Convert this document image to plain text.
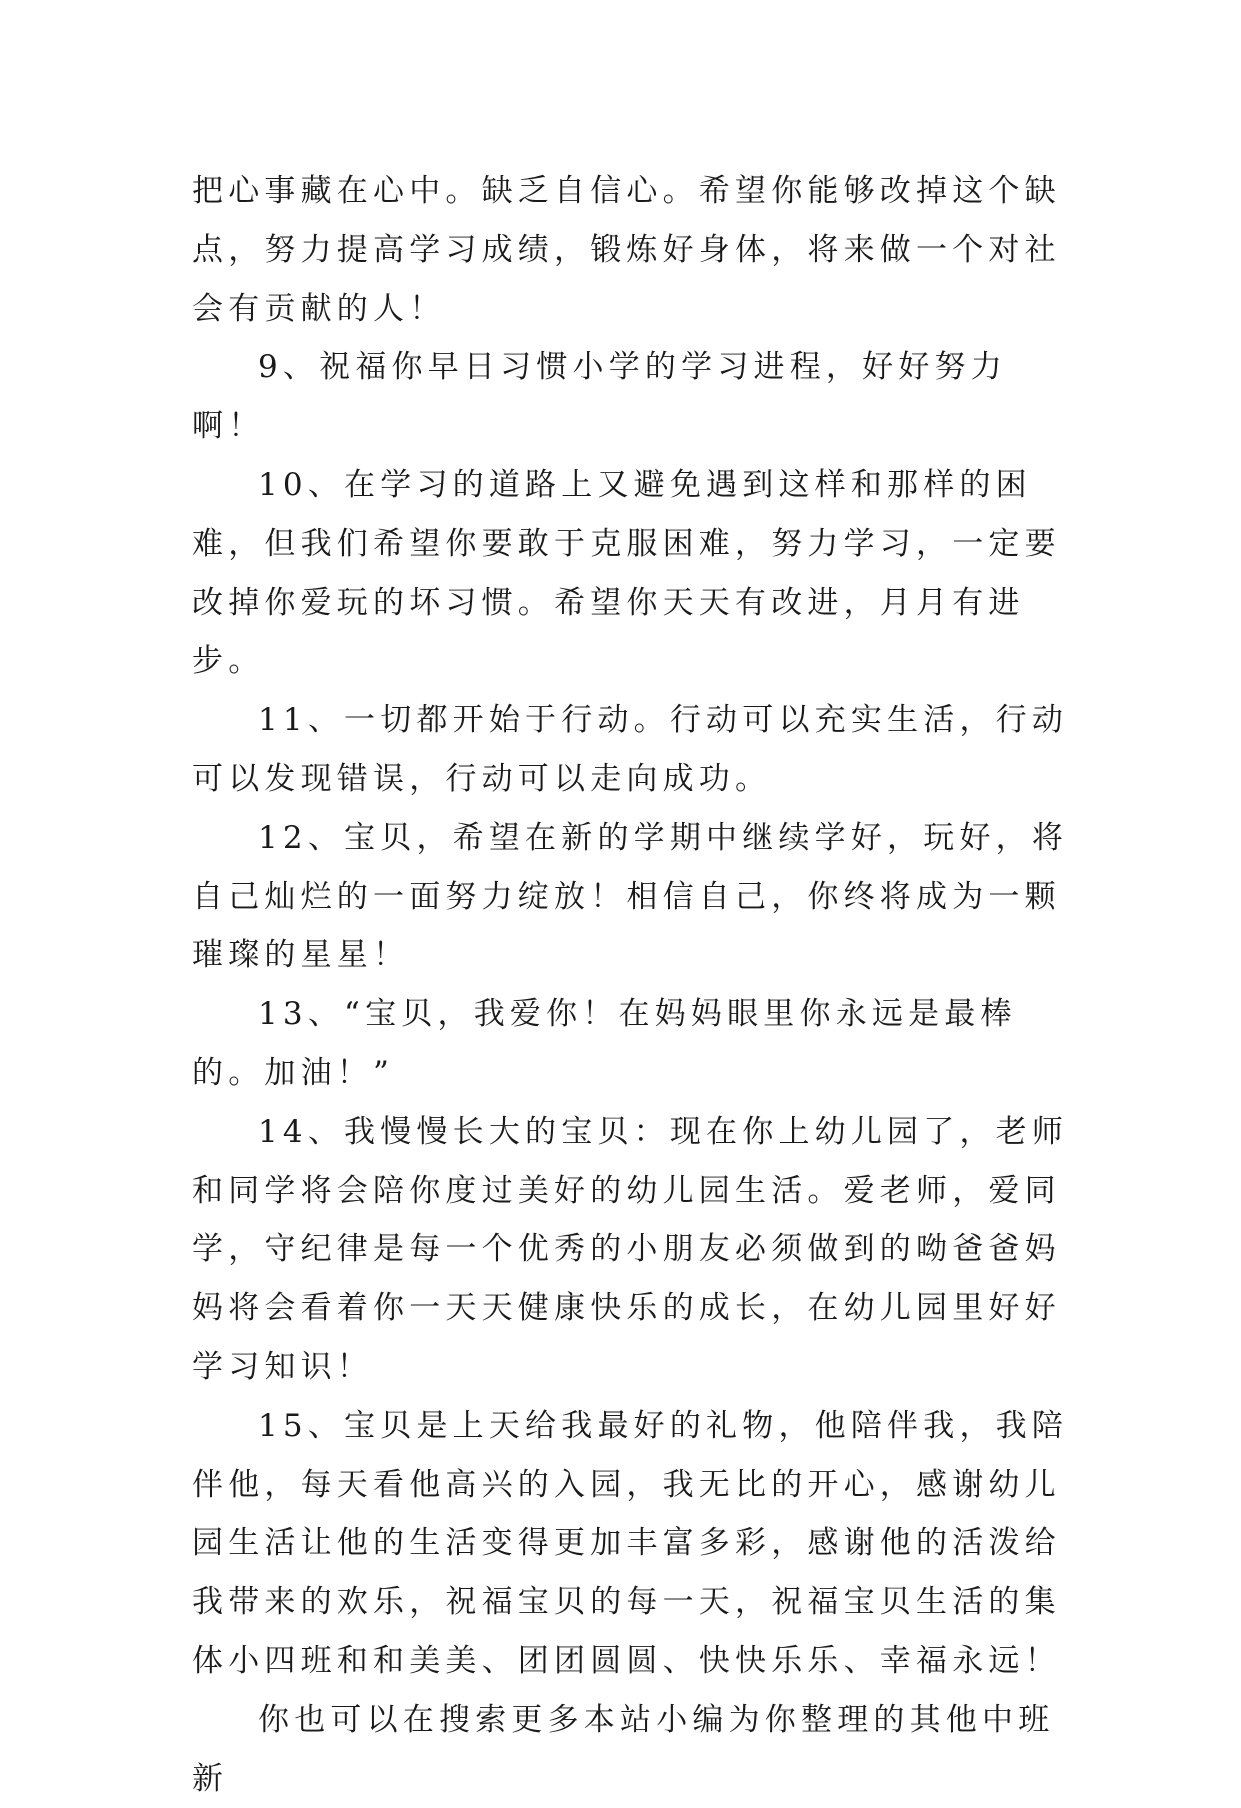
把心事藏在心中。缺乏自信心。希望你能够改掉这个缺点，努力提高学习成绩，锻炼好身体，将来做一个对社会有贡献的人！

9、祝福你早日习惯小学的学习进程，好好努力啊！

10、在学习的道路上又避免遇到这样和那样的困难，但我们希望你要敢于克服困难，努力学习，一定要改掉你爱玩的坏习惯。希望你天天有改进，月月有进步。

11、一切都开始于行动。行动可以充实生活，行动可以发现错误，行动可以走向成功。

12、宝贝，希望在新的学期中继续学好，玩好，将自己灿烂的一面努力绽放！相信自己，你终将成为一颗璀璨的星星！

13、“宝贝，我爱你！在妈妈眼里你永远是最棒的。加油！”

14、我慢慢长大的宝贝：现在你上幼儿园了，老师和同学将会陪你度过美好的幼儿园生活。爱老师，爱同学，守纪律是每一个优秀的小朋友必须做到的呦爸爸妈妈将会看着你一天天健康快乐的成长，在幼儿园里好好学习知识！

15、宝贝是上天给我最好的礼物，他陪伴我，我陪伴他，每天看他高兴的入园，我无比的开心，感谢幼儿园生活让他的生活变得更加丰富多彩，感谢他的活泼给我带来的欢乐，祝福宝贝的每一天，祝福宝贝生活的集体小四班和和美美、团团圆圆、快快乐乐、幸福永远！

你也可以在搜索更多本站小编为你整理的其他中班新
